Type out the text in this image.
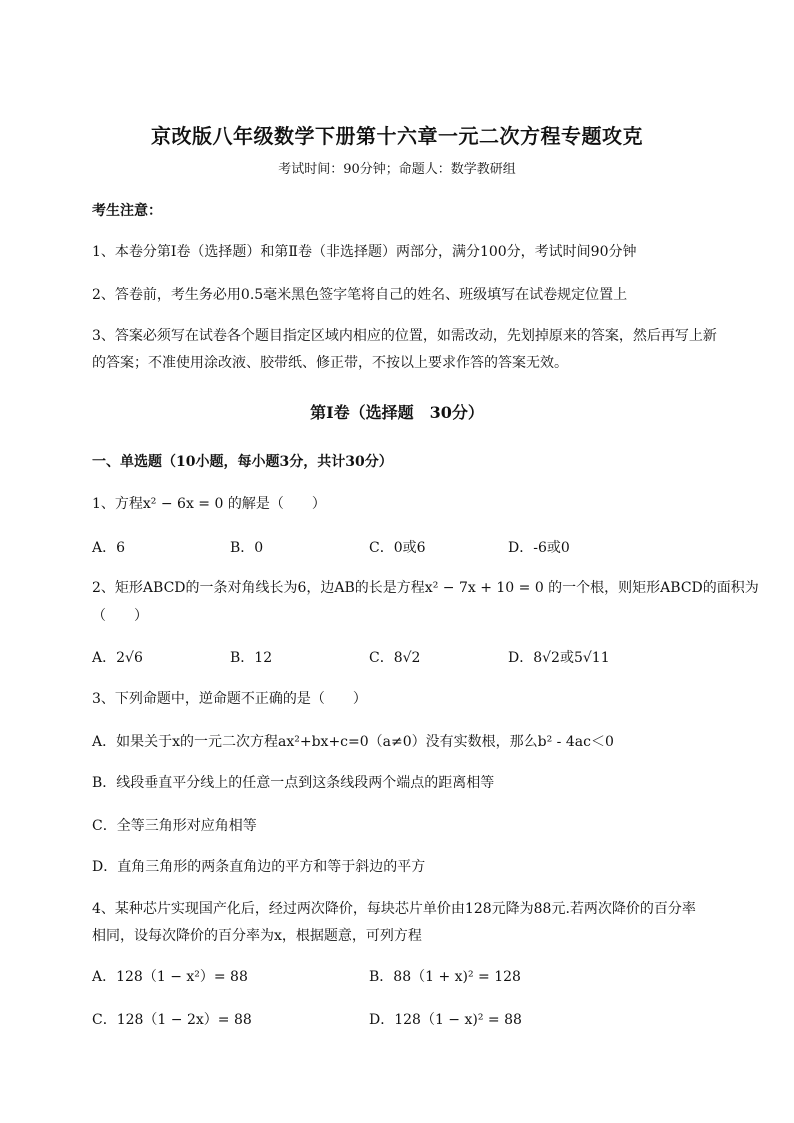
京改版八年级数学下册第十六章一元二次方程专题攻克
考试时间：90分钟；命题人：数学教研组
考生注意：
1、本卷分第Ⅰ卷（选择题）和第Ⅱ卷（非选择题）两部分，满分100分，考试时间90分钟
2、答卷前，考生务必用0.5毫米黑色签字笔将自己的姓名、班级填写在试卷规定位置上
3、答案必须写在试卷各个题目指定区域内相应的位置，如需改动，先划掉原来的答案，然后再写上新
的答案；不准使用涂改液、胶带纸、修正带，不按以上要求作答的答案无效。
第Ⅰ卷（选择题　30分）
一、单选题（10小题，每小题3分，共计30分）
1、方程x² − 6x = 0 的解是（　　）
A．6	B．0	C．0或6	D．-6或0
2、矩形ABCD的一条对角线长为6，边AB的长是方程x² − 7x + 10 = 0 的一个根，则矩形ABCD的面积为
（　　）
A．2√6	B．12	C．8√2	D．8√2或5√11
3、下列命题中，逆命题不正确的是（　　）
A．如果关于x的一元二次方程ax²+bx+c=0（a≠0）没有实数根，那么b² - 4ac＜0
B．线段垂直平分线上的任意一点到这条线段两个端点的距离相等
C．全等三角形对应角相等
D．直角三角形的两条直角边的平方和等于斜边的平方
4、某种芯片实现国产化后，经过两次降价，每块芯片单价由128元降为88元.若两次降价的百分率
相同，设每次降价的百分率为x，根据题意，可列方程
A．128（1 − x²）= 88	B．88（1 + x)² = 128
C．128（1 − 2x）= 88	D．128（1 − x)² = 88
